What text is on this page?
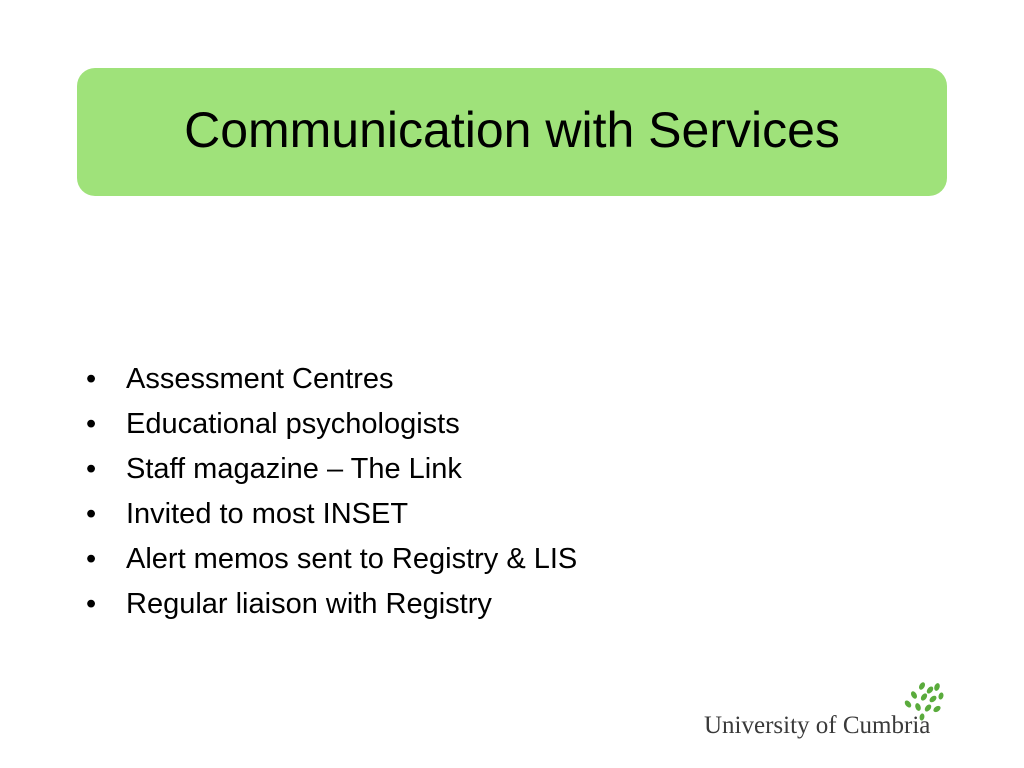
Communication with Services
•	Assessment Centres
•	Educational psychologists
•	Staff magazine – The Link
•	Invited to most INSET
•	Alert memos sent to Registry & LIS
•	Regular liaison with Registry
University of Cumbria
